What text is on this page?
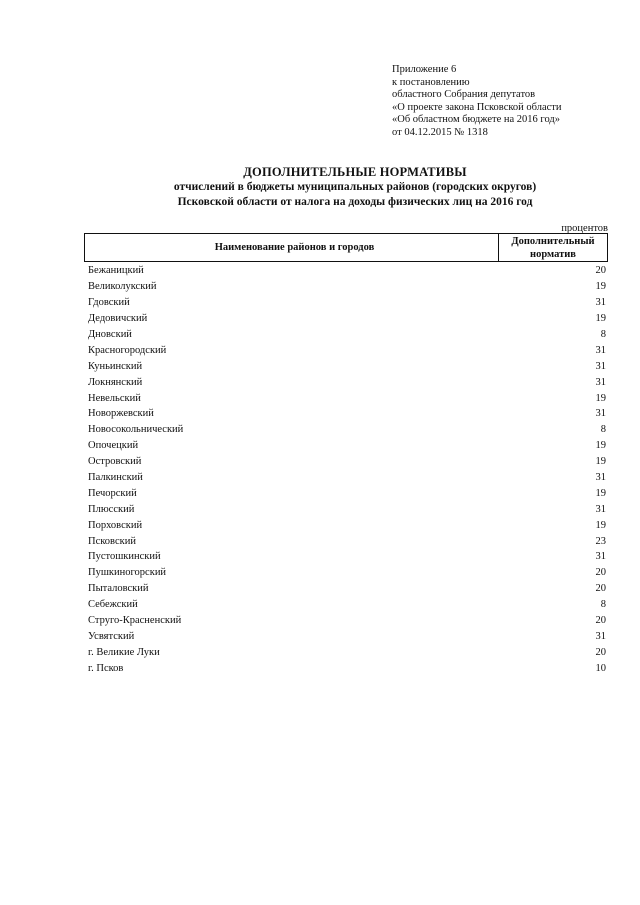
Приложение 6
к постановлению
областного Собрания депутатов
«О проекте закона Псковской области
«Об областном бюджете на 2016 год»
от 04.12.2015 № 1318
ДОПОЛНИТЕЛЬНЫЕ НОРМАТИВЫ
отчислений в бюджеты муниципальных районов (городских округов)
Псковской области от налога на доходы физических лиц на 2016 год
процентов
Наименование районов и городов
Дополнительный
норматив
Бежаницкий	20
Великолукский	19
Гдовский	31
Дедовичский	19
Дновский	8
Красногородский	31
Куньинский	31
Локнянский	31
Невельский	19
Новоржевский	31
Новосокольнический	8
Опочецкий	19
Островский	19
Палкинский	31
Печорский	19
Плюсский	31
Порховский	19
Псковский	23
Пустошкинский	31
Пушкиногорский	20
Пыталовский	20
Себежский	8
Струго-Красненский	20
Усвятский	31
г. Великие Луки	20
г. Псков	10
